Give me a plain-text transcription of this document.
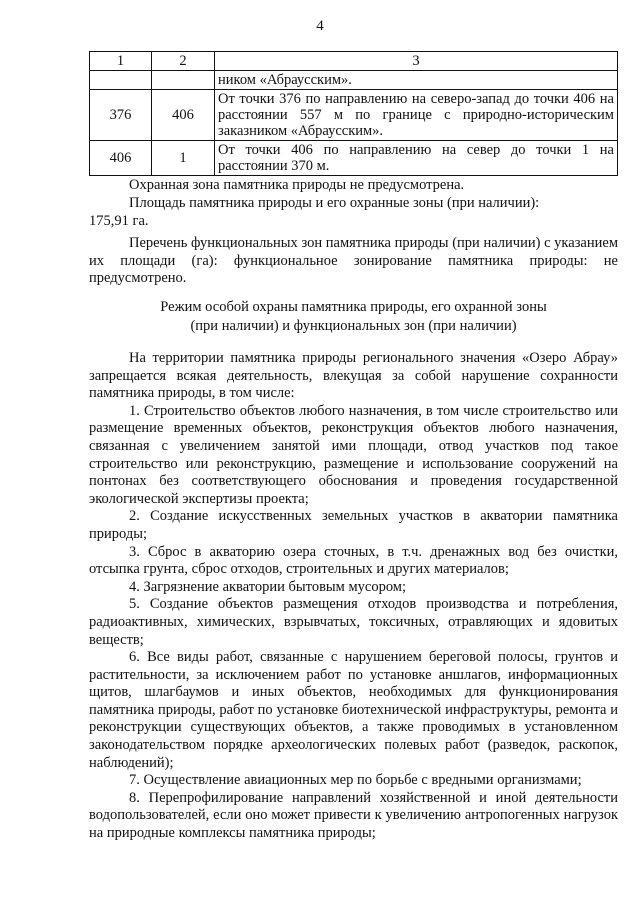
4
1	2	3
		ником «Абраусским».
376	406	От точки 376 по направлению на северо-запад до точки 406 на расстоянии 557 м по границе с природно-историческим заказником «Абраусским».
406	1	От точки 406 по направлению на север до точки 1 на расстоянии 370 м.
Охранная зона памятника природы не предусмотрена.
Площадь памятника природы и его охранные зоны (при наличии):
175,91 га.
Перечень функциональных зон памятника природы (при наличии) с указанием их площади (га): функциональное зонирование памятника природы: не предусмотрено.
Режим особой охраны памятника природы, его охранной зоны
(при наличии) и функциональных зон (при наличии)

На территории памятника природы регионального значения «Озеро Абрау» запрещается всякая деятельность, влекущая за собой нарушение сохранности памятника природы, в том числе:

1. Строительство объектов любого назначения, в том числе строительство или размещение временных объектов, реконструкция объектов любого назначения, связанная с увеличением занятой ими площади, отвод участков под такое строительство или реконструкцию, размещение и использование сооружений на понтонах без соответствующего обоснования и проведения государственной экологической экспертизы проекта;

2. Создание искусственных земельных участков в акватории памятника природы;

3. Сброс в акваторию озера сточных, в т.ч. дренажных вод без очистки, отсыпка грунта, сброс отходов, строительных и других материалов;

4. Загрязнение акватории бытовым мусором;

5. Создание объектов размещения отходов производства и потребления, радиоактивных, химических, взрывчатых, токсичных, отравляющих и ядовитых веществ;

6. Все виды работ, связанные с нарушением береговой полосы, грунтов и растительности, за исключением работ по установке аншлагов, информационных щитов, шлагбаумов и иных объектов, необходимых для функционирования памятника природы, работ по установке биотехнической инфраструктуры, ремонта и реконструкции существующих объектов, а также проводимых в установленном законодательством порядке археологических полевых работ (разведок, раскопок, наблюдений);

7. Осуществление авиационных мер по борьбе с вредными организмами;

8. Перепрофилирование направлений хозяйственной и иной деятельности водопользователей, если оно может привести к увеличению антропогенных нагрузок на природные комплексы памятника природы;
